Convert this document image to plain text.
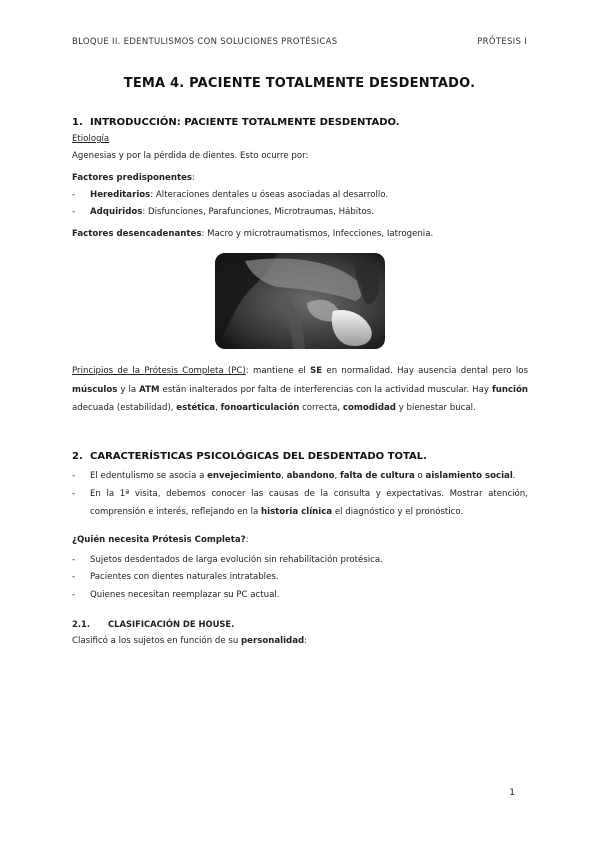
BLOQUE II. EDENTULISMOS CON SOLUCIONES PROTÉSICAS	PRÓTESIS I
TEMA 4. PACIENTE TOTALMENTE DESDENTADO.
1. INTRODUCCIÓN: PACIENTE TOTALMENTE DESDENTADO.

Etiología

Agenesias y por la pérdida de dientes. Esto ocurre por:

Factores predisponentes:

- Hereditarios: Alteraciones dentales u óseas asociadas al desarrollo.
- Adquiridos: Disfunciones, Parafunciones, Microtraumas, Hábitos.

Factores desencadenantes: Macro y microtraumatismos, Infecciones, Iatrogenia.

Principios de la Prótesis Completa (PC): mantiene el SE en normalidad. Hay ausencia dental pero los músculos y la ATM están inalterados por falta de interferencias con la actividad muscular. Hay función adecuada (estabilidad), estética, fonoarticulación correcta, comodidad y bienestar bucal.

2. CARACTERÍSTICAS PSICOLÓGICAS DEL DESDENTADO TOTAL.
- El edentulismo se asocia a envejecimiento, abandono, falta de cultura o aislamiento social.
- En la 1ª visita, debemos conocer las causas de la consulta y expectativas. Mostrar atención, comprensión e interés, reflejando en la historia clínica el diagnóstico y el pronóstico.

¿Quién necesita Prótesis Completa?:

- Sujetos desdentados de larga evolución sin rehabilitación protésica.
- Pacientes con dientes naturales intratables.
- Quienes necesitan reemplazar su PC actual.
2.1. CLASIFICACIÓN DE HOUSE.

Clasificó a los sujetos en función de su personalidad:

1
